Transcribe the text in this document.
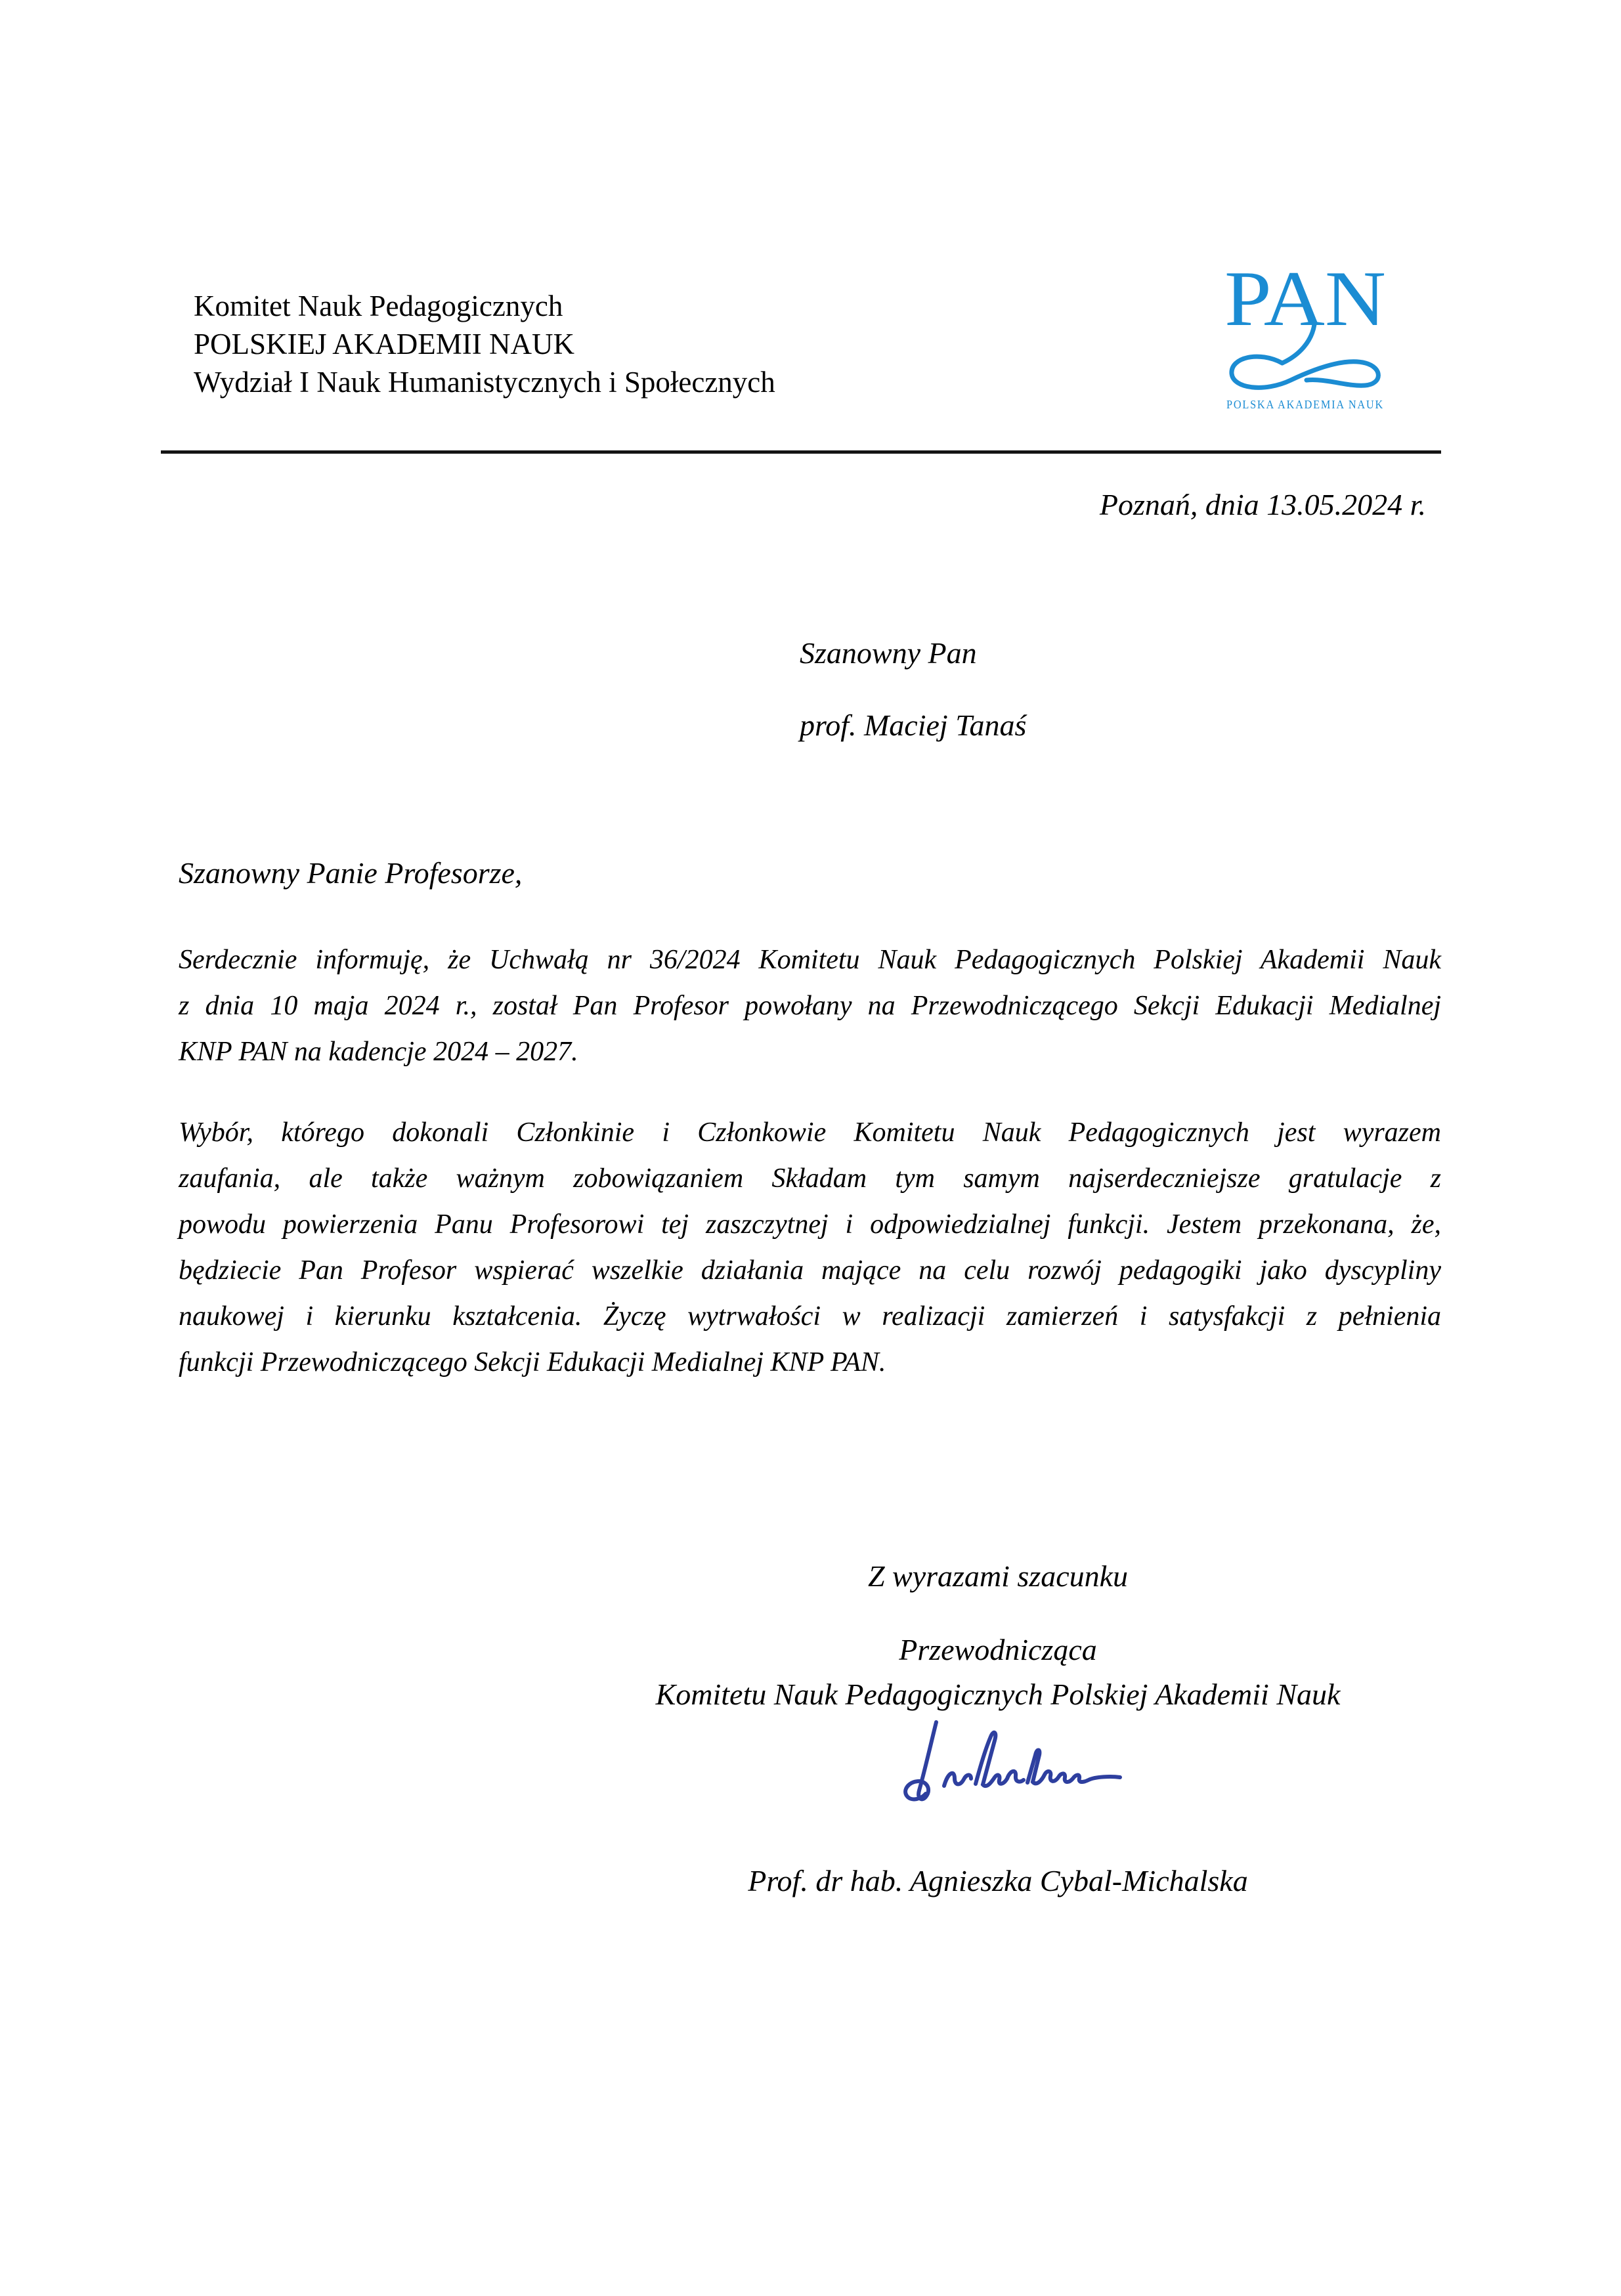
Komitet Nauk Pedagogicznych
POLSKIEJ AKADEMII NAUK
Wydział I Nauk Humanistycznych i Społecznych
PAN
POLSKA AKADEMIA NAUK
Poznań, dnia 13.05.2024 r.
Szanowny Pan
prof. Maciej Tanaś
Szanowny Panie Profesorze,
Serdecznie informuję, że Uchwałą nr 36/2024 Komitetu Nauk Pedagogicznych Polskiej Akademii Nauk
z dnia 10 maja 2024 r., został Pan Profesor powołany na Przewodniczącego Sekcji Edukacji Medialnej
KNP PAN na kadencje 2024 – 2027.
Wybór, którego dokonali Członkinie i Członkowie Komitetu Nauk Pedagogicznych jest wyrazem
zaufania, ale także ważnym zobowiązaniem Składam tym samym najserdeczniejsze gratulacje z
powodu powierzenia Panu Profesorowi tej zaszczytnej i odpowiedzialnej funkcji. Jestem przekonana, że,
będziecie Pan Profesor wspierać wszelkie działania mające na celu rozwój pedagogiki jako dyscypliny
naukowej i kierunku kształcenia. Życzę wytrwałości w realizacji zamierzeń i satysfakcji z pełnienia
funkcji Przewodniczącego Sekcji Edukacji Medialnej KNP PAN.
Z wyrazami szacunku
Przewodnicząca
Komitetu Nauk Pedagogicznych Polskiej Akademii Nauk
Prof. dr hab. Agnieszka Cybal-Michalska
